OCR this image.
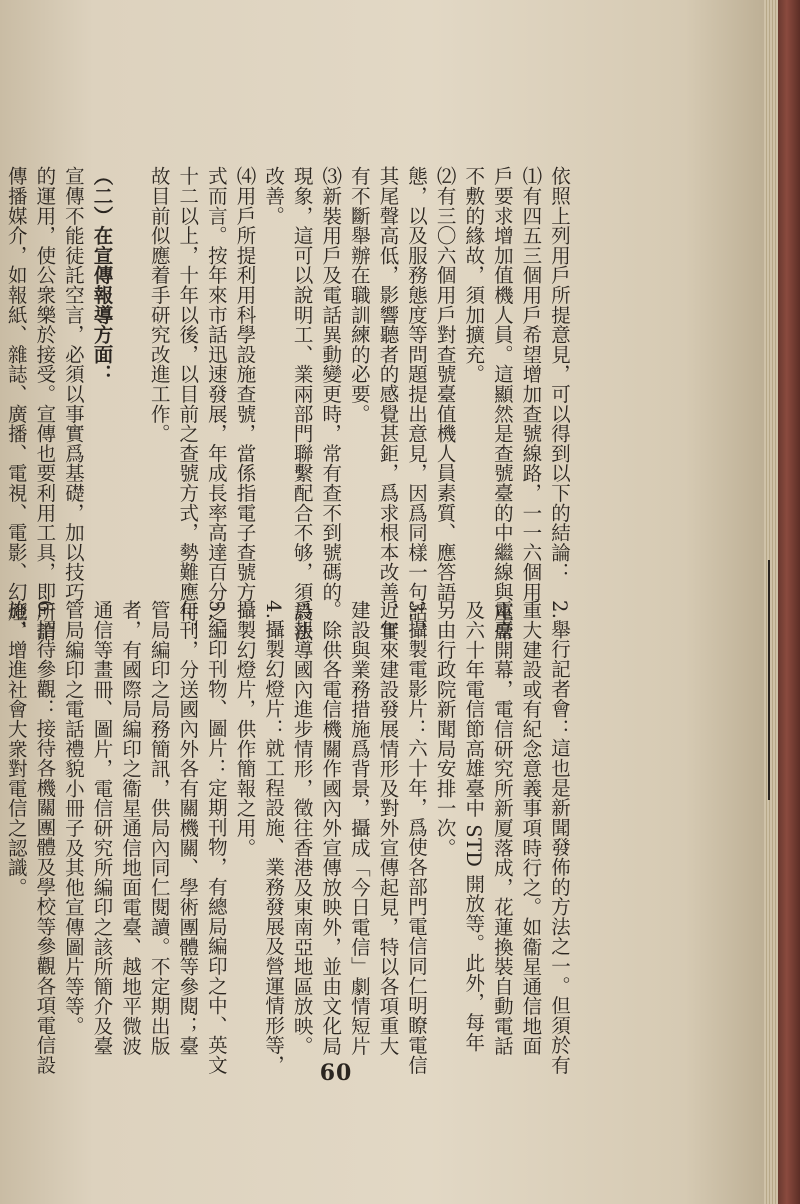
依照上列用戶所提意見，可以得到以下的結論：
⑴有四五三個用戶希望增加查號線路，一一六個用
戶要求增加值機人員。這顯然是查號臺的中繼線與座席
不敷的緣故，須加擴充。
⑵有三〇六個用戶對查號臺值機人員素質、應答語
態，以及服務態度等問題提出意見，因爲同樣一句話，
其尾聲高低，影響聽者的感覺甚鉅，爲求根本改善，實
有不斷舉辦在職訓練的必要。
⑶新裝用戶及電話異動變更時，常有查不到號碼的
現象，這可以說明工、業兩部門聯繫配合不够，須設法
改善。
⑷用戶所提利用科學設施查號，當係指電子查號方
式而言。按年來市話迅速發展，年成長率高達百分之二
十二以上，十年以後，以目前之查號方式，勢難應付，
故目前似應着手研究改進工作。

（二）在宣傳報導方面：
宣傳不能徒託空言，必須以事實爲基礎，加以技巧
的運用，使公衆樂於接受。宣傳也要利用工具，即所謂
傳播媒介，如報紙、雜誌、廣播、電視、電影、幻燈、
2.舉行記者會：這也是新聞發佈的方法之一。但須於有
重大建設或有紀念意義事項時行之。如衞星通信地面
電臺開幕，電信研究所新厦落成，花蓮換裝自動電話
及六十年電信節高雄臺中 STD 開放等。此外，每年
另由行政院新聞局安排一次。
3.攝製電影片：六十年，爲使各部門電信同仁明瞭電信
近年來建設發展情形及對外宣傳起見，特以各項重大
建設與業務措施爲背景，攝成「今日電信」劇情短片
。除供各電信機關作國內外宣傳放映外，並由文化局
爲報導國內進步情形，徵往香港及東南亞地區放映。
4.攝製幻燈片：就工程設施、業務發展及營運情形等，
攝製幻燈片，供作簡報之用。
5.編印刊物、圖片：定期刊物，有總局編印之中、英文
年刊，分送國內外各有關機關、學術團體等參閱；臺
管局編印之局務簡訊，供局內同仁閱讀。不定期出版
者，有國際局編印之衞星通信地面電臺、越地平微波
通信等畫冊、圖片，電信研究所編印之該所簡介及臺
管局編印之電話禮貌小冊子及其他宣傳圖片等等。
6.招待參觀：接待各機關團體及學校等參觀各項電信設
施，增進社會大衆對電信之認識。

60
